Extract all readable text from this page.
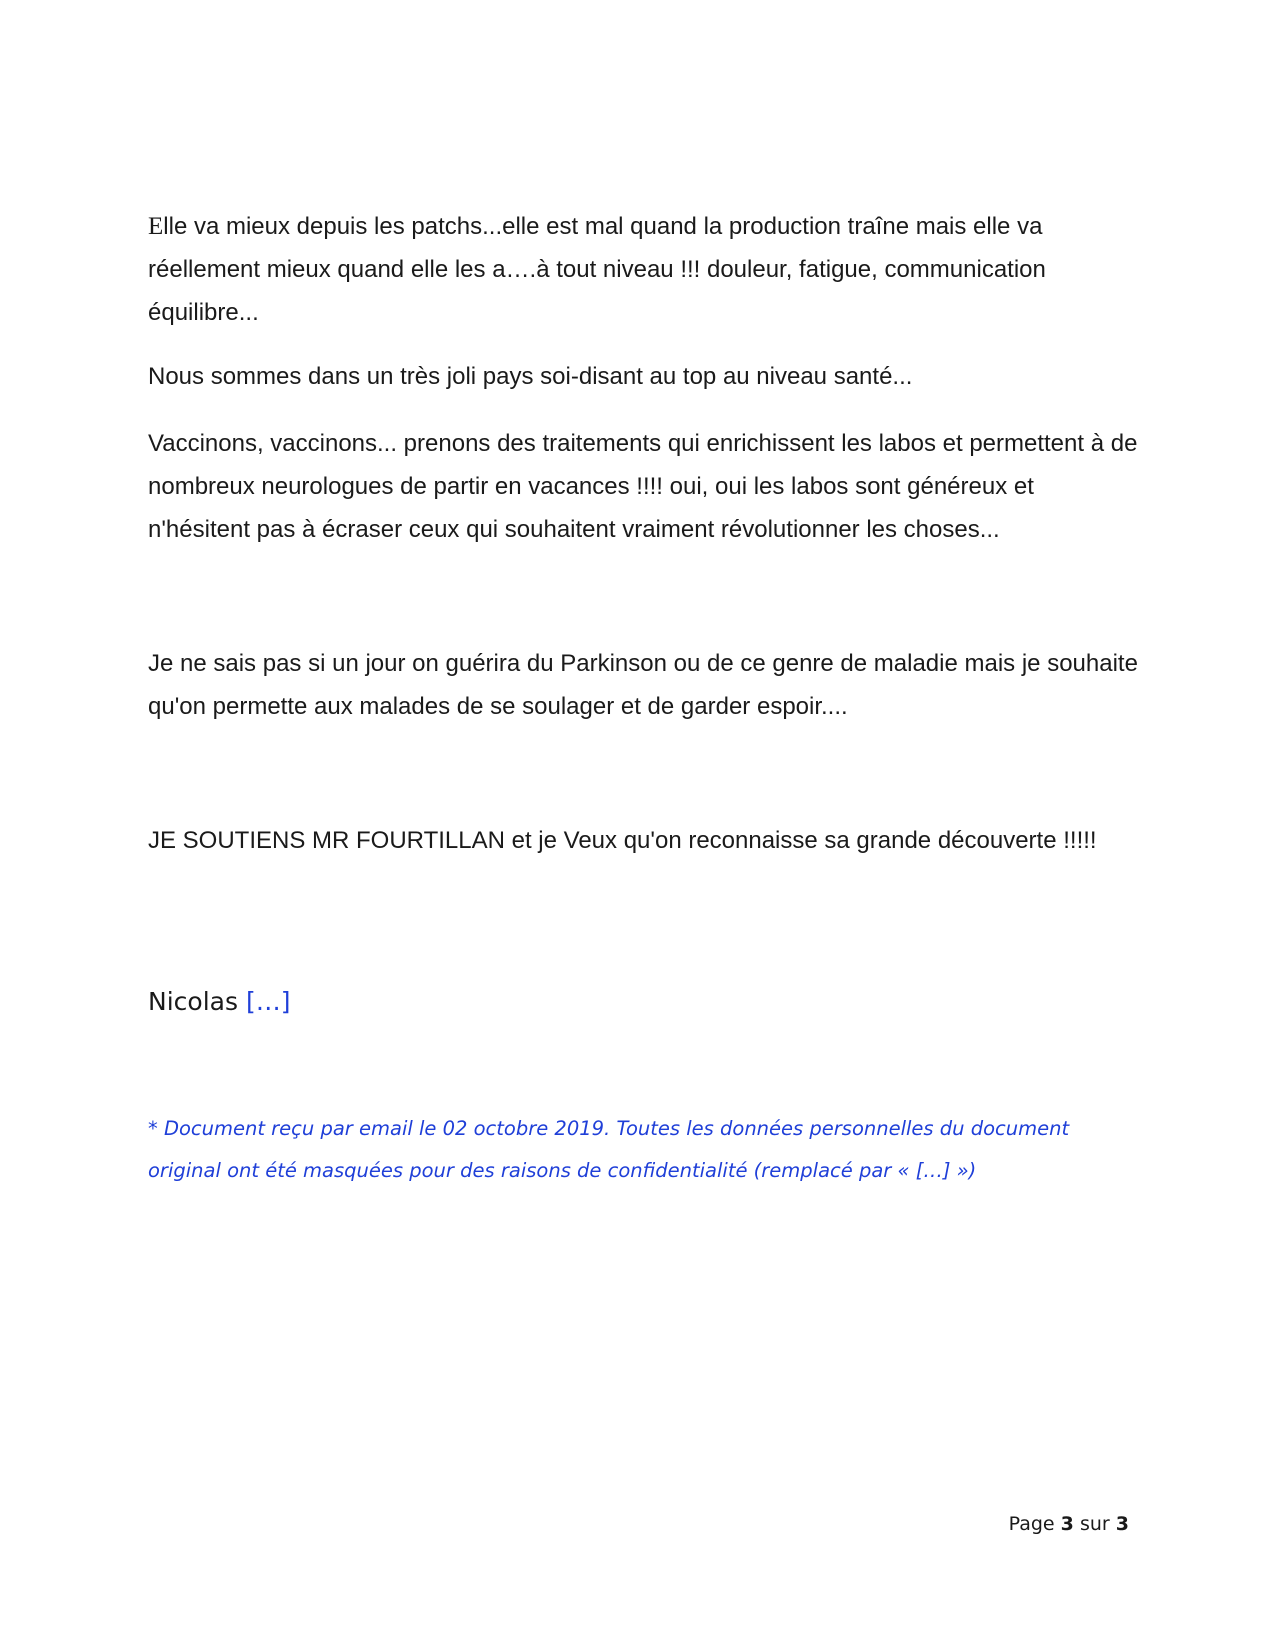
Elle va mieux depuis les patchs...elle est mal quand la production traîne mais elle va réellement mieux quand elle les a….à tout niveau !!! douleur, fatigue, communication équilibre...

Nous sommes dans un très joli pays soi-disant au top au niveau santé...

Vaccinons, vaccinons... prenons des traitements qui enrichissent les labos et permettent à de nombreux neurologues de partir en vacances !!!! oui, oui les labos sont généreux et n'hésitent pas à écraser ceux qui souhaitent vraiment révolutionner les choses...

Je ne sais pas si un jour on guérira du Parkinson ou de ce genre de maladie mais je souhaite qu'on permette aux malades de se soulager et de garder espoir....

JE SOUTIENS MR FOURTILLAN et je Veux qu'on reconnaisse sa grande découverte !!!!!

Nicolas […]

* Document reçu par email le 02 octobre 2019. Toutes les données personnelles du document original ont été masquées pour des raisons de confidentialité (remplacé par « […] »)

Page 3 sur 3
